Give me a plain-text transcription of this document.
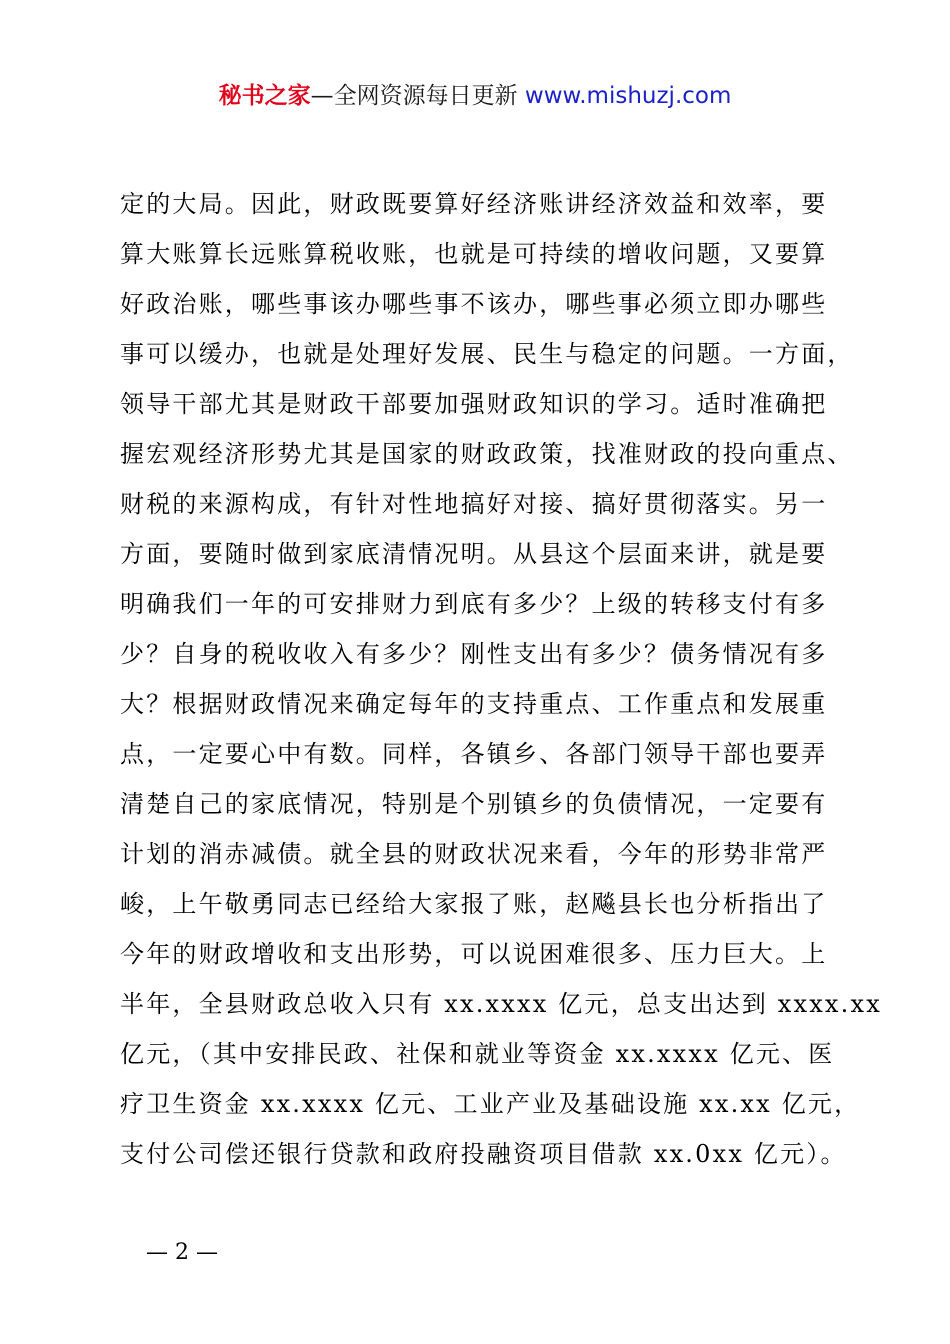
秘书之家—全网资源每日更新 www.mishuzj.com
定的大局。因此，财政既要算好经济账讲经济效益和效率，要
算大账算长远账算税收账，也就是可持续的增收问题，又要算
好政治账，哪些事该办哪些事不该办，哪些事必须立即办哪些
事可以缓办，也就是处理好发展、民生与稳定的问题。一方面，
领导干部尤其是财政干部要加强财政知识的学习。适时准确把
握宏观经济形势尤其是国家的财政政策，找准财政的投向重点、
财税的来源构成，有针对性地搞好对接、搞好贯彻落实。另一
方面，要随时做到家底清情况明。从县这个层面来讲，就是要
明确我们一年的可安排财力到底有多少？上级的转移支付有多
少？自身的税收收入有多少？刚性支出有多少？债务情况有多
大？根据财政情况来确定每年的支持重点、工作重点和发展重
点，一定要心中有数。同样，各镇乡、各部门领导干部也要弄
清楚自己的家底情况，特别是个别镇乡的负债情况，一定要有
计划的消赤减债。就全县的财政状况来看，今年的形势非常严
峻，上午敬勇同志已经给大家报了账，赵飚县长也分析指出了
今年的财政增收和支出形势，可以说困难很多、压力巨大。上
半年，全县财政总收入只有 xx.xxxx 亿元，总支出达到 xxxx.xx
亿元，（其中安排民政、社保和就业等资金 xx.xxxx 亿元、医
疗卫生资金 xx.xxxx 亿元、工业产业及基础设施 xx.xx 亿元，
支付公司偿还银行贷款和政府投融资项目借款 xx.0xx 亿元）。
— 2 —
